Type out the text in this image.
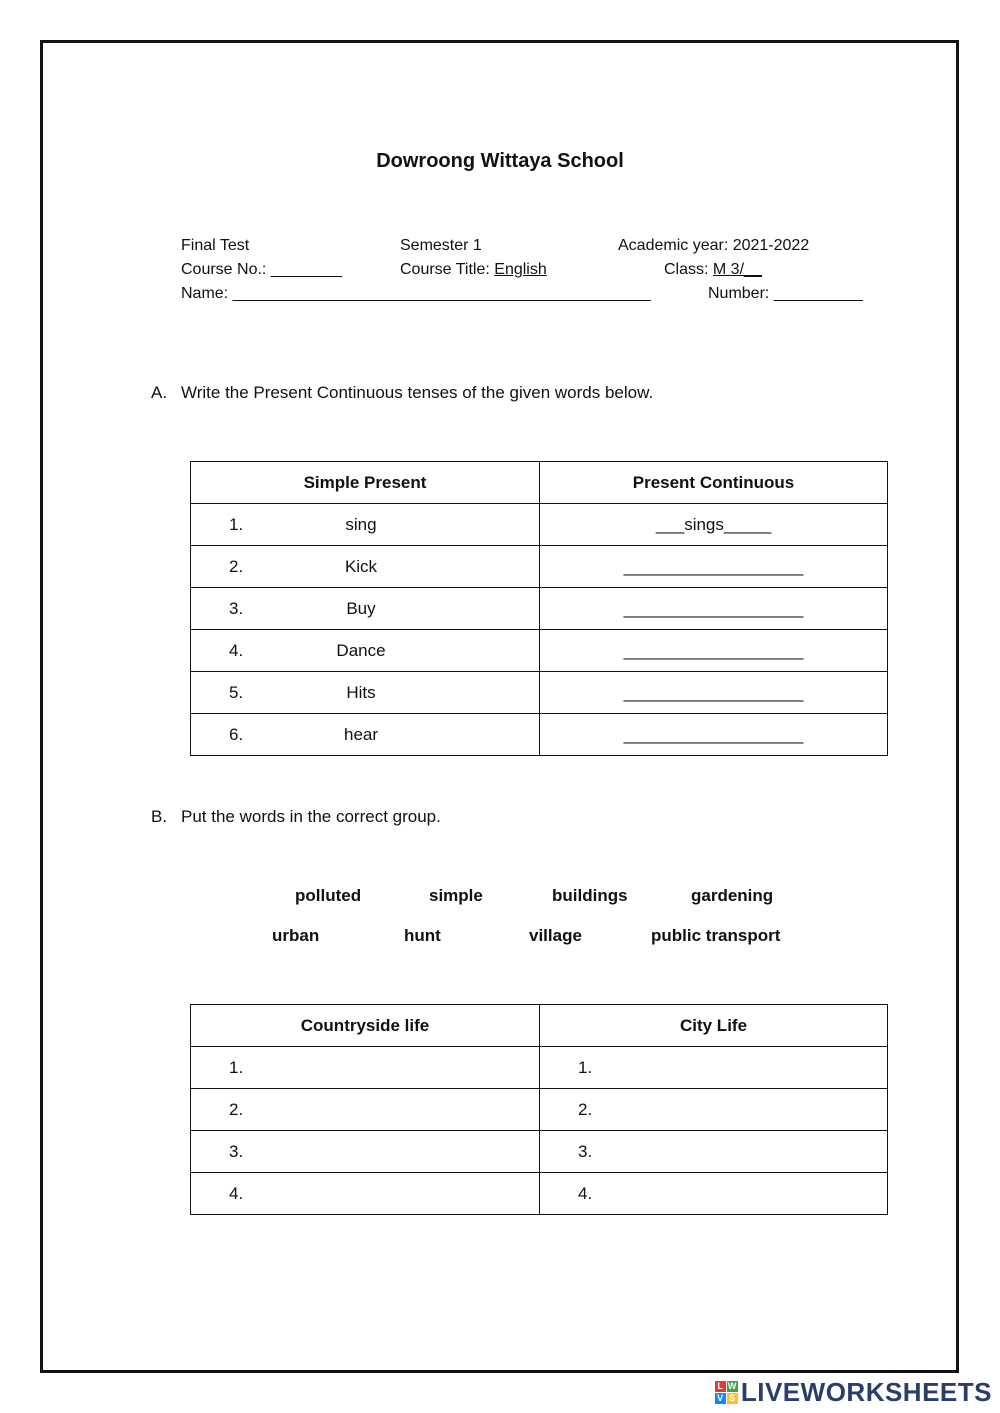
Dowroong Wittaya School
Final Test	Semester 1	Academic year: 2021-2022
Course No.: ________	Course Title: English	Class: M 3/__
Name: _______________________________________________	Number: __________
A. Write the Present Continuous tenses of the given words below.
Simple Present	Present Continuous

1. sing	___sings_____

2. Kick	___________________

3. Buy	___________________

4. Dance	___________________

5. Hits	___________________

6. hear	___________________
B. Put the words in the correct group.
polluted	simple	buildings	gardening
urban	hunt	village	public transport
Countryside life	City Life

1.	1.

2.	2.

3.	3.

4.	4.
L W
V S LIVEWORKSHEETS
